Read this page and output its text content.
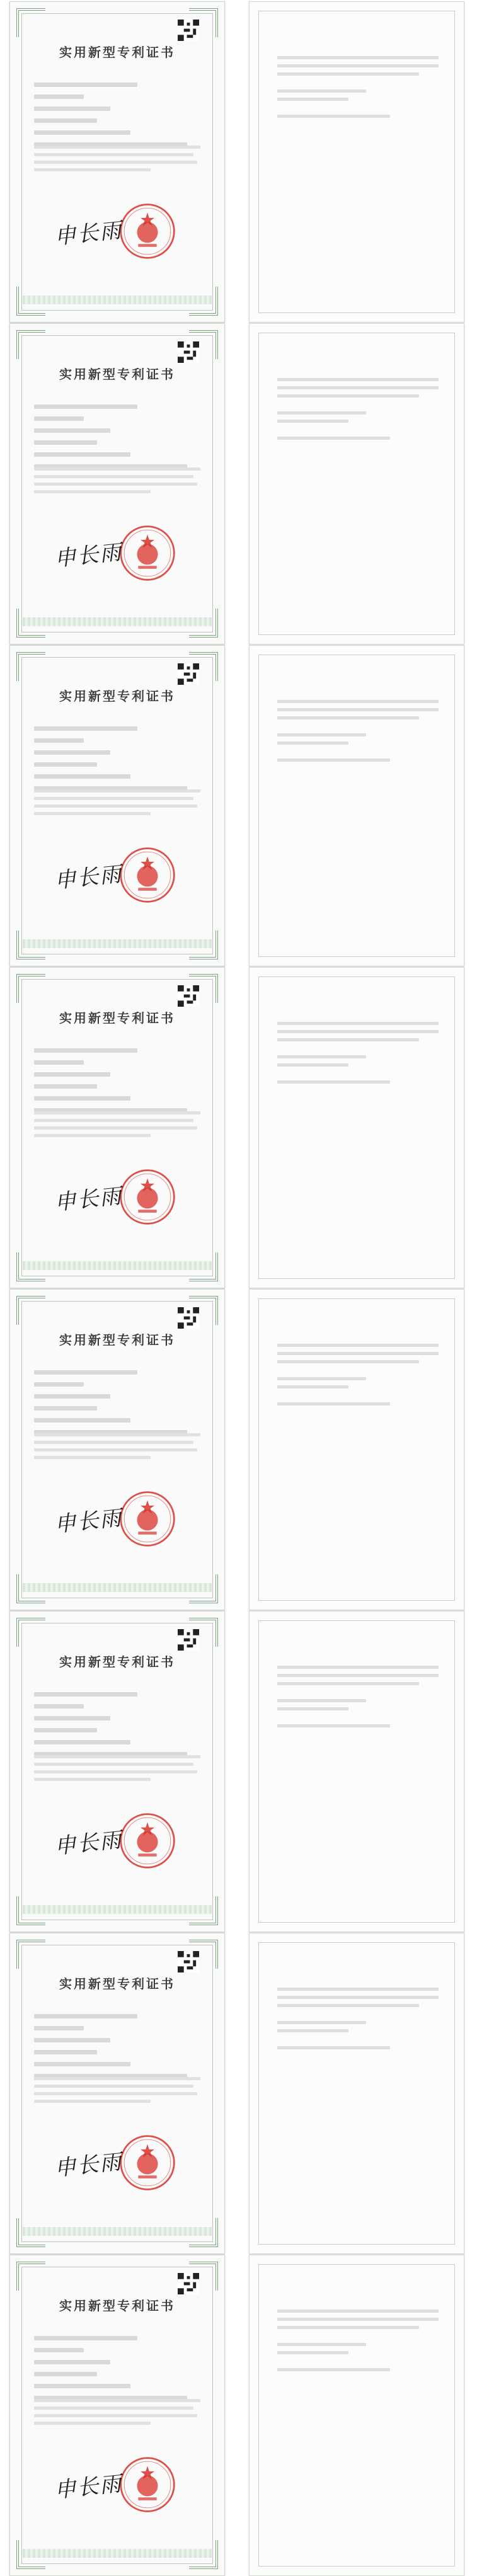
实用新型专利证书
申长雨
实用新型专利证书
申长雨
实用新型专利证书
申长雨
实用新型专利证书
申长雨
实用新型专利证书
申长雨
实用新型专利证书
申长雨
实用新型专利证书
申长雨
实用新型专利证书
申长雨
